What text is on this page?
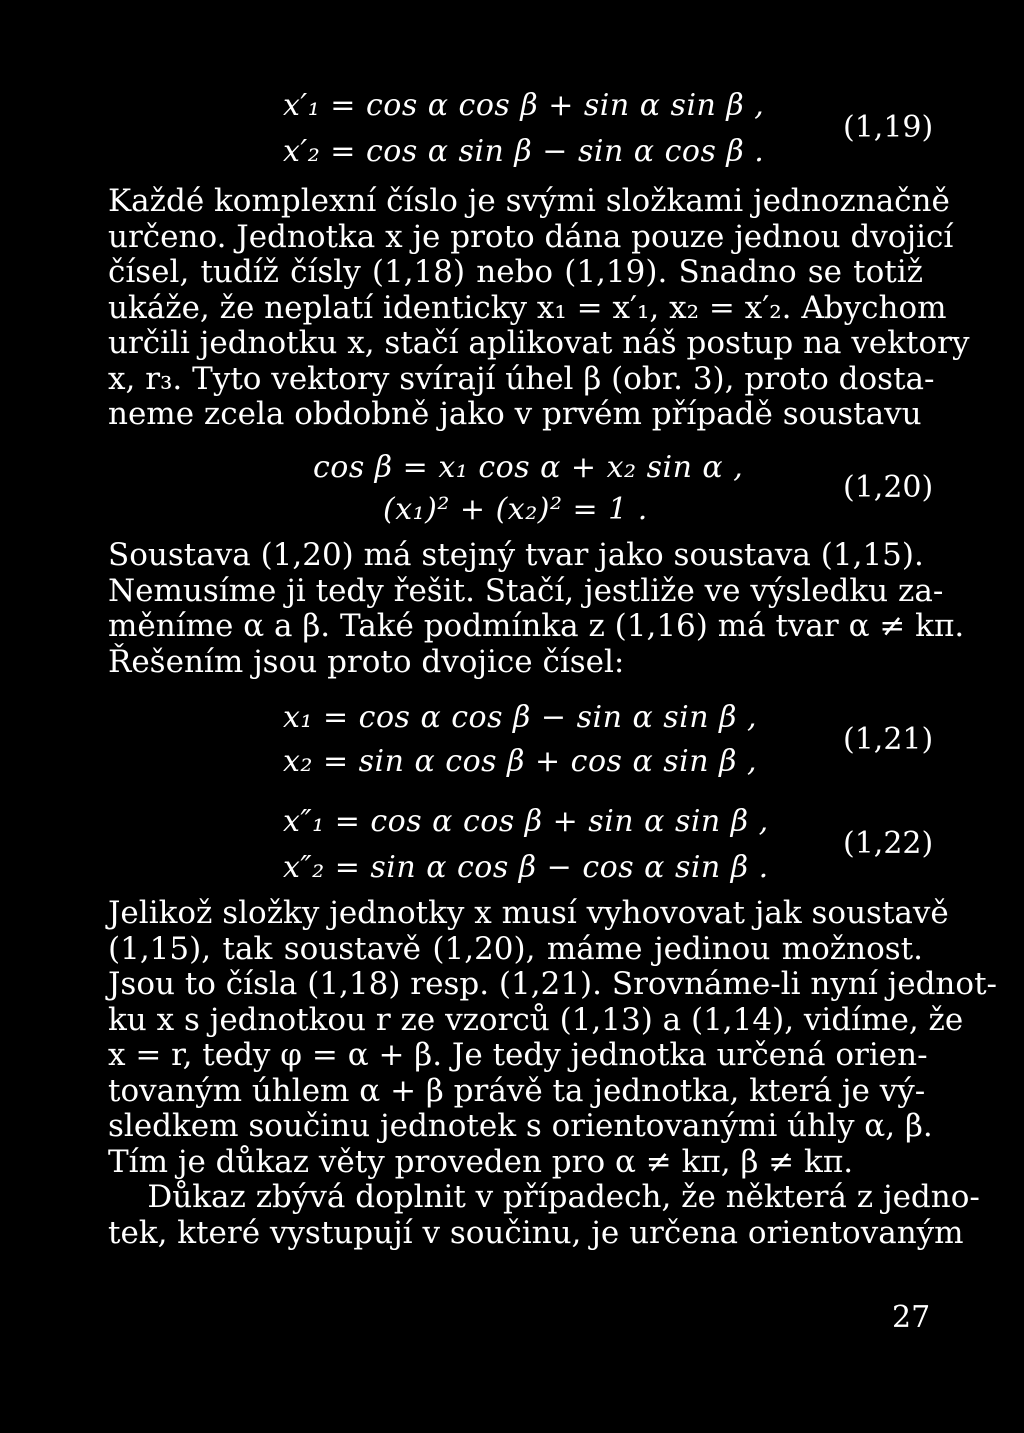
x′₁ = cos α cos β + sin α sin β ,
x′₂ = cos α sin β − sin α cos β .
(1,19)
Každé komplexní číslo je svými složkami jednoznačně
určeno. Jednotka x je proto dána pouze jednou dvojicí
čísel, tudíž čísly (1,18) nebo (1,19). Snadno se totiž
ukáže, že neplatí identicky x₁ = x′₁, x₂ = x′₂. Abychom
určili jednotku x, stačí aplikovat náš postup na vektory
x, r₃. Tyto vektory svírají úhel β (obr. 3), proto dosta-
neme zcela obdobně jako v prvém případě soustavu
cos β = x₁ cos α + x₂ sin α ,
(x₁)² + (x₂)² = 1 .
(1,20)
Soustava (1,20) má stejný tvar jako soustava (1,15).
Nemusíme ji tedy řešit. Stačí, jestliže ve výsledku za-
měníme α a β. Také podmínka z (1,16) má tvar α ≠ kπ.
Řešením jsou proto dvojice čísel:
x₁ = cos α cos β − sin α sin β ,
x₂ = sin α cos β + cos α sin β ,
(1,21)
x″₁ = cos α cos β + sin α sin β ,
x″₂ = sin α cos β − cos α sin β .
(1,22)
Jelikož složky jednotky x musí vyhovovat jak soustavě
(1,15), tak soustavě (1,20), máme jedinou možnost.
Jsou to čísla (1,18) resp. (1,21). Srovnáme-li nyní jednot-
ku x s jednotkou r ze vzorců (1,13) a (1,14), vidíme, že
x = r, tedy φ = α + β. Je tedy jednotka určená orien-
tovaným úhlem α + β právě ta jednotka, která je vý-
sledkem součinu jednotek s orientovanými úhly α, β.
Tím je důkaz věty proveden pro α ≠ kπ, β ≠ kπ.
Důkaz zbývá doplnit v případech, že některá z jedno-
tek, které vystupují v součinu, je určena orientovaným
27
